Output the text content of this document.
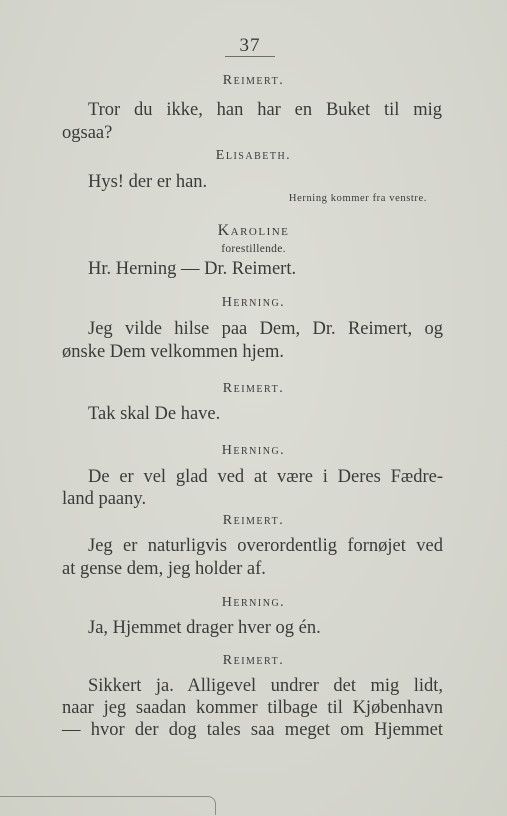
37
Reimert.
Tror du ikke, han har en Buket til mig
ogsaa?
Elisabeth.
Hys! der er han.
Herning kommer fra venstre.
Karoline
forestillende.
Hr. Herning — Dr. Reimert.
Herning.
Jeg vilde hilse paa Dem, Dr. Reimert, og
ønske Dem velkommen hjem.
Reimert.
Tak skal De have.
Herning.
De er vel glad ved at være i Deres Fædre-
land paany.
Reimert.
Jeg er naturligvis overordentlig fornøjet ved
at gense dem, jeg holder af.
Herning.
Ja, Hjemmet drager hver og én.
Reimert.
Sikkert ja. Alligevel undrer det mig lidt,
naar jeg saadan kommer tilbage til Kjøbenhavn
— hvor der dog tales saa meget om Hjemmet
